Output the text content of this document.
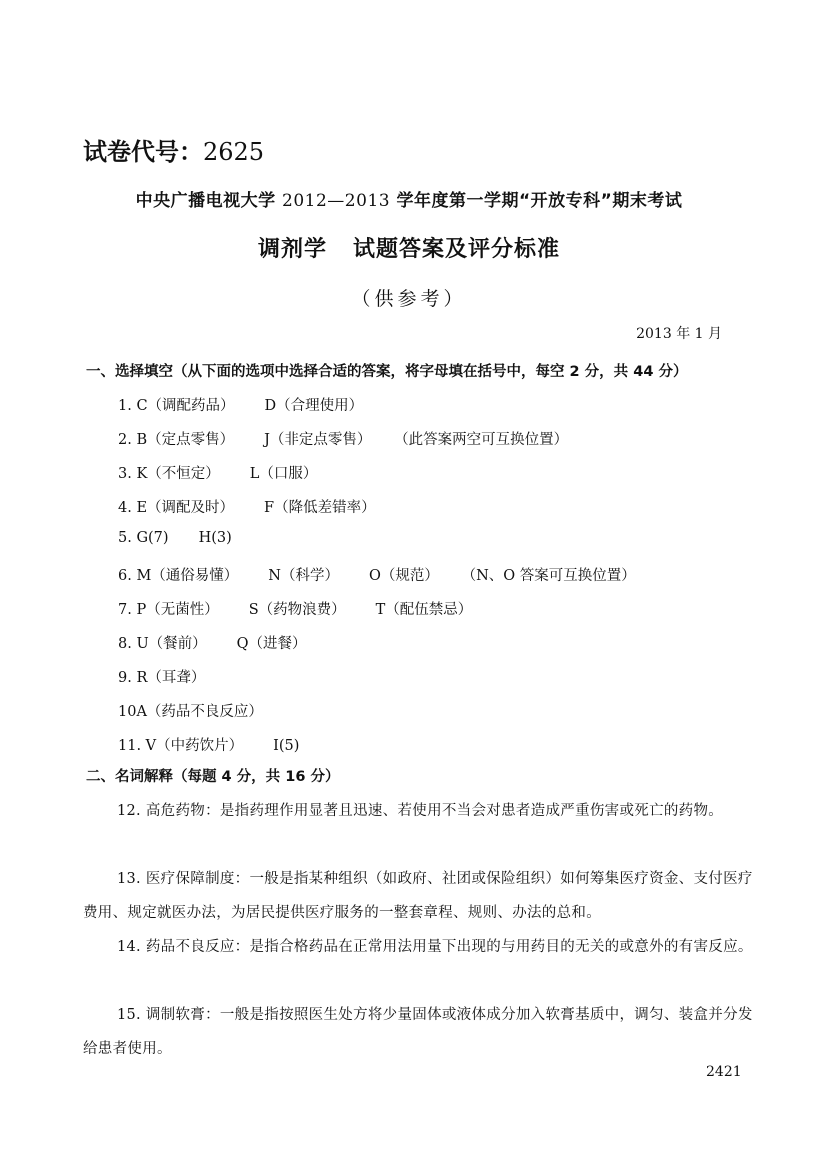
试卷代号：2625
中央广播电视大学 2012—2013 学年度第一学期“开放专科”期末考试
调剂学 试题答案及评分标准
（供参考）
2013 年 1 月
一、选择填空（从下面的选项中选择合适的答案，将字母填在括号中，每空 2 分，共 44 分）
1. C（调配药品） D（合理使用）
2. B（定点零售） J（非定点零售） （此答案两空可互换位置）
3. K（不恒定） L（口服）
4. E（调配及时） F（降低差错率）
5. G(7) H(3)
6. M（通俗易懂） N（科学） O（规范） （N、O 答案可互换位置）
7. P（无菌性） S（药物浪费） T（配伍禁忌）
8. U（餐前） Q（进餐）
9. R（耳聋）
10A（药品不良反应）
11. V（中药饮片） I(5)
二、名词解释（每题 4 分，共 16 分）
12. 高危药物：是指药理作用显著且迅速、若使用不当会对患者造成严重伤害或死亡的药物。
13. 医疗保障制度：一般是指某种组织（如政府、社团或保险组织）如何筹集医疗资金、支付医疗费用、规定就医办法，为居民提供医疗服务的一整套章程、规则、办法的总和。
14. 药品不良反应：是指合格药品在正常用法用量下出现的与用药目的无关的或意外的有害反应。
15. 调制软膏：一般是指按照医生处方将少量固体或液体成分加入软膏基质中，调匀、装盒并分发给患者使用。
2421
